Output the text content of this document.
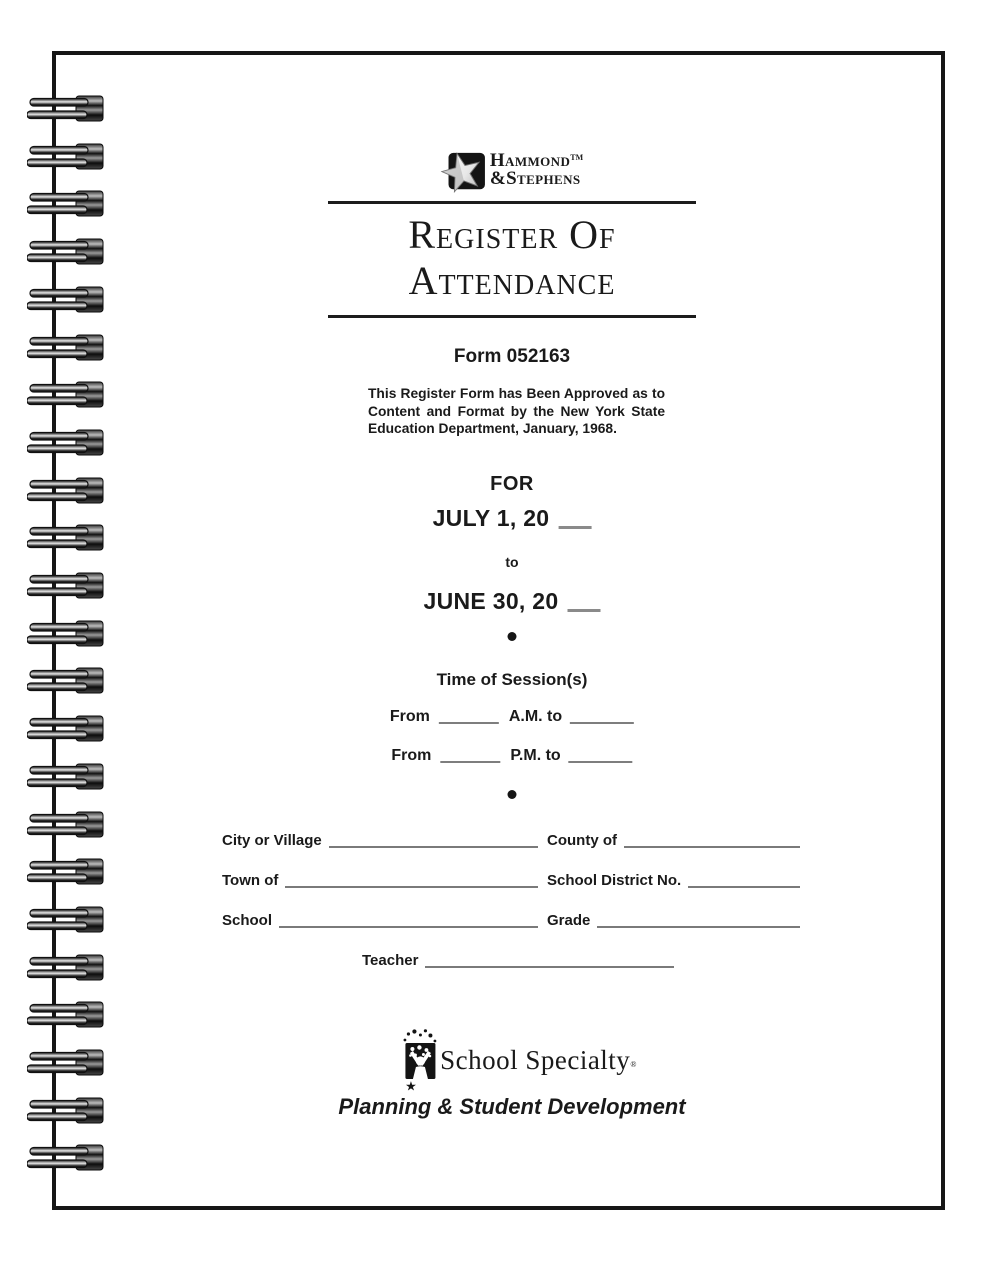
Hammond™
&Stephens
Register Of
Attendance
Form 052163
This Register Form has Been Approved as to
Content and Format by the New York State
Education Department, January, 1968.
FOR
JULY 1, 20
to
JUNE 30, 20
Time of Session(s)
From	A.M. to
From	P.M. to
City or Village	County of
Town of	School District No.
School	Grade
Teacher
★
School Specialty®
Planning & Student Development
